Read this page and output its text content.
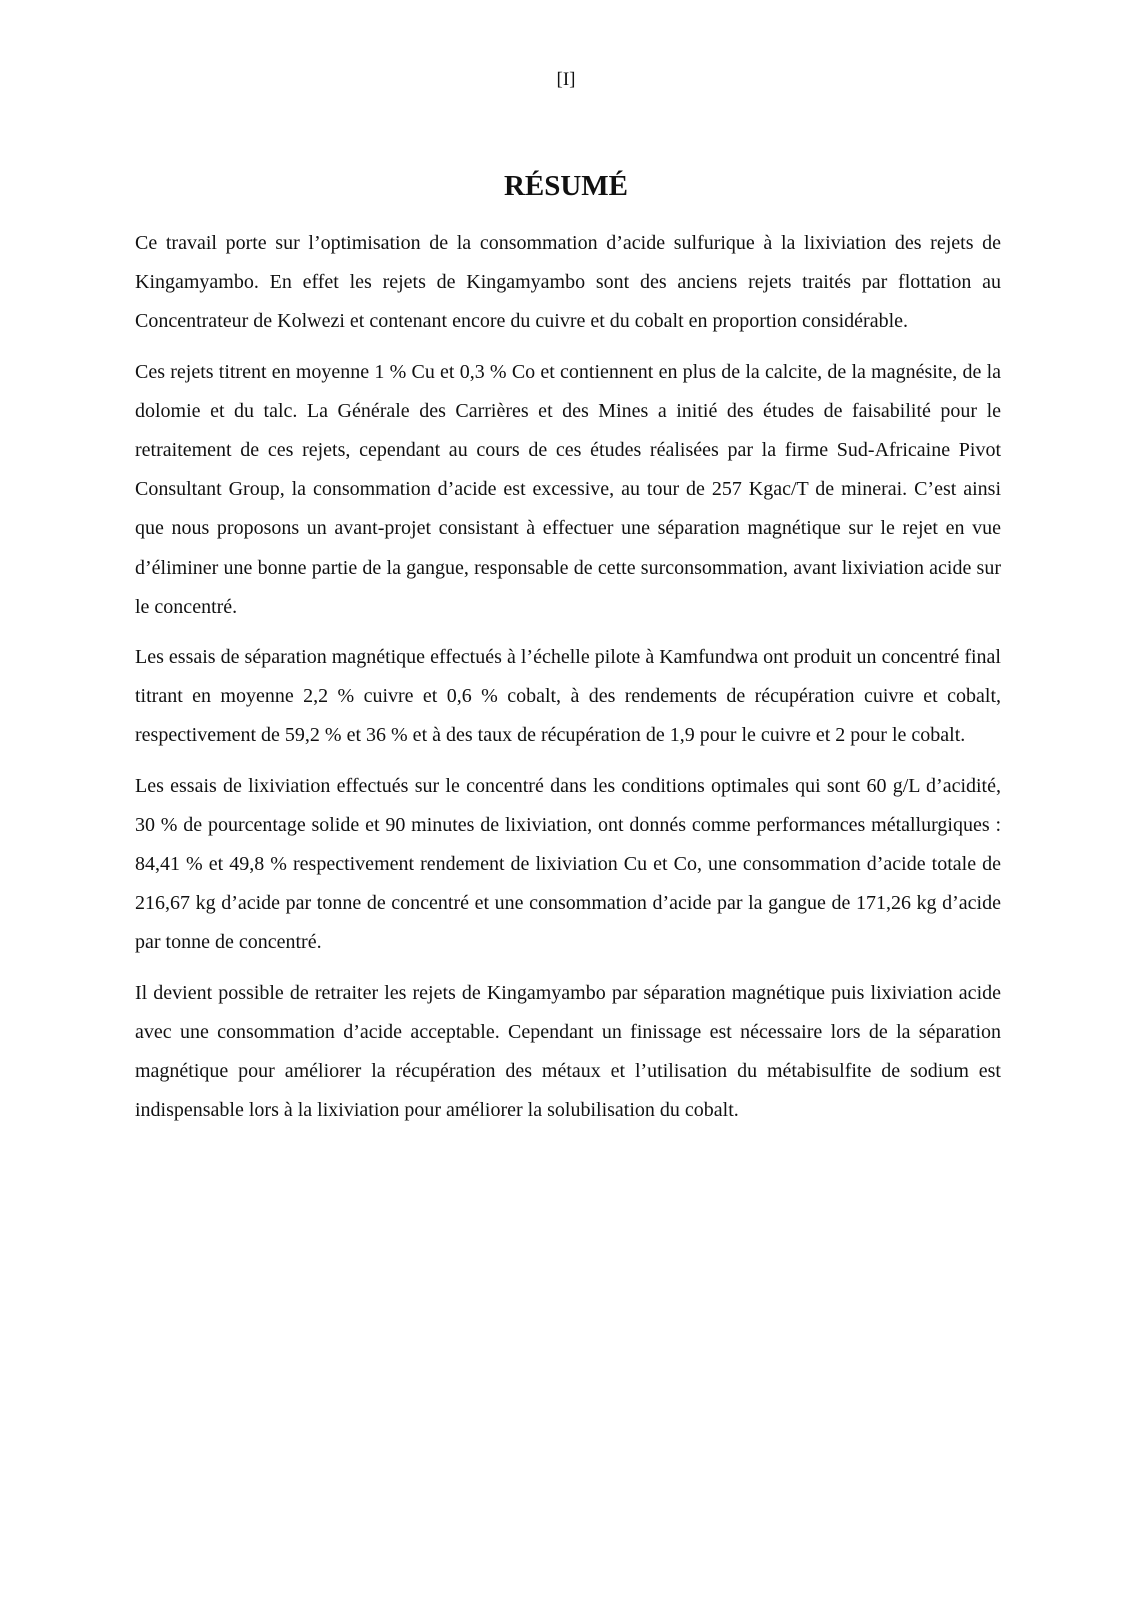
[I]
RÉSUMÉ

Ce travail porte sur l’optimisation de la consommation d’acide sulfurique à la lixiviation des rejets de Kingamyambo. En effet les rejets de Kingamyambo sont des anciens rejets traités par flottation au Concentrateur de Kolwezi et contenant encore du cuivre et du cobalt en proportion considérable.

Ces rejets titrent en moyenne 1 % Cu et 0,3 % Co et contiennent en plus de la calcite, de la magnésite, de la dolomie et du talc. La Générale des Carrières et des Mines a initié des études de faisabilité pour le retraitement de ces rejets, cependant au cours de ces études réalisées par la firme Sud-Africaine Pivot Consultant Group, la consommation d’acide est excessive, au tour de 257 Kgac/T de minerai. C’est ainsi que nous proposons un avant-projet consistant à effectuer une séparation magnétique sur le rejet en vue d’éliminer une bonne partie de la gangue, responsable de cette surconsommation, avant lixiviation acide sur le concentré.

Les essais de séparation magnétique effectués à l’échelle pilote à Kamfundwa ont produit un concentré final titrant en moyenne 2,2 % cuivre et 0,6 % cobalt, à des rendements de récupération cuivre et cobalt, respectivement de 59,2 % et 36 % et à des taux de récupération de 1,9 pour le cuivre et 2 pour le cobalt.

Les essais de lixiviation effectués sur le concentré dans les conditions optimales qui sont 60 g/L d’acidité, 30 % de pourcentage solide et 90 minutes de lixiviation, ont donnés comme performances métallurgiques : 84,41 % et 49,8 % respectivement rendement de lixiviation Cu et Co, une consommation d’acide totale de 216,67 kg d’acide par tonne de concentré et une consommation d’acide par la gangue de 171,26 kg d’acide par tonne de concentré.

Il devient possible de retraiter les rejets de Kingamyambo par séparation magnétique puis lixiviation acide avec une consommation d’acide acceptable. Cependant un finissage est nécessaire lors de la séparation magnétique pour améliorer la récupération des métaux et l’utilisation du métabisulfite de sodium est indispensable lors à la lixiviation pour améliorer la solubilisation du cobalt.
